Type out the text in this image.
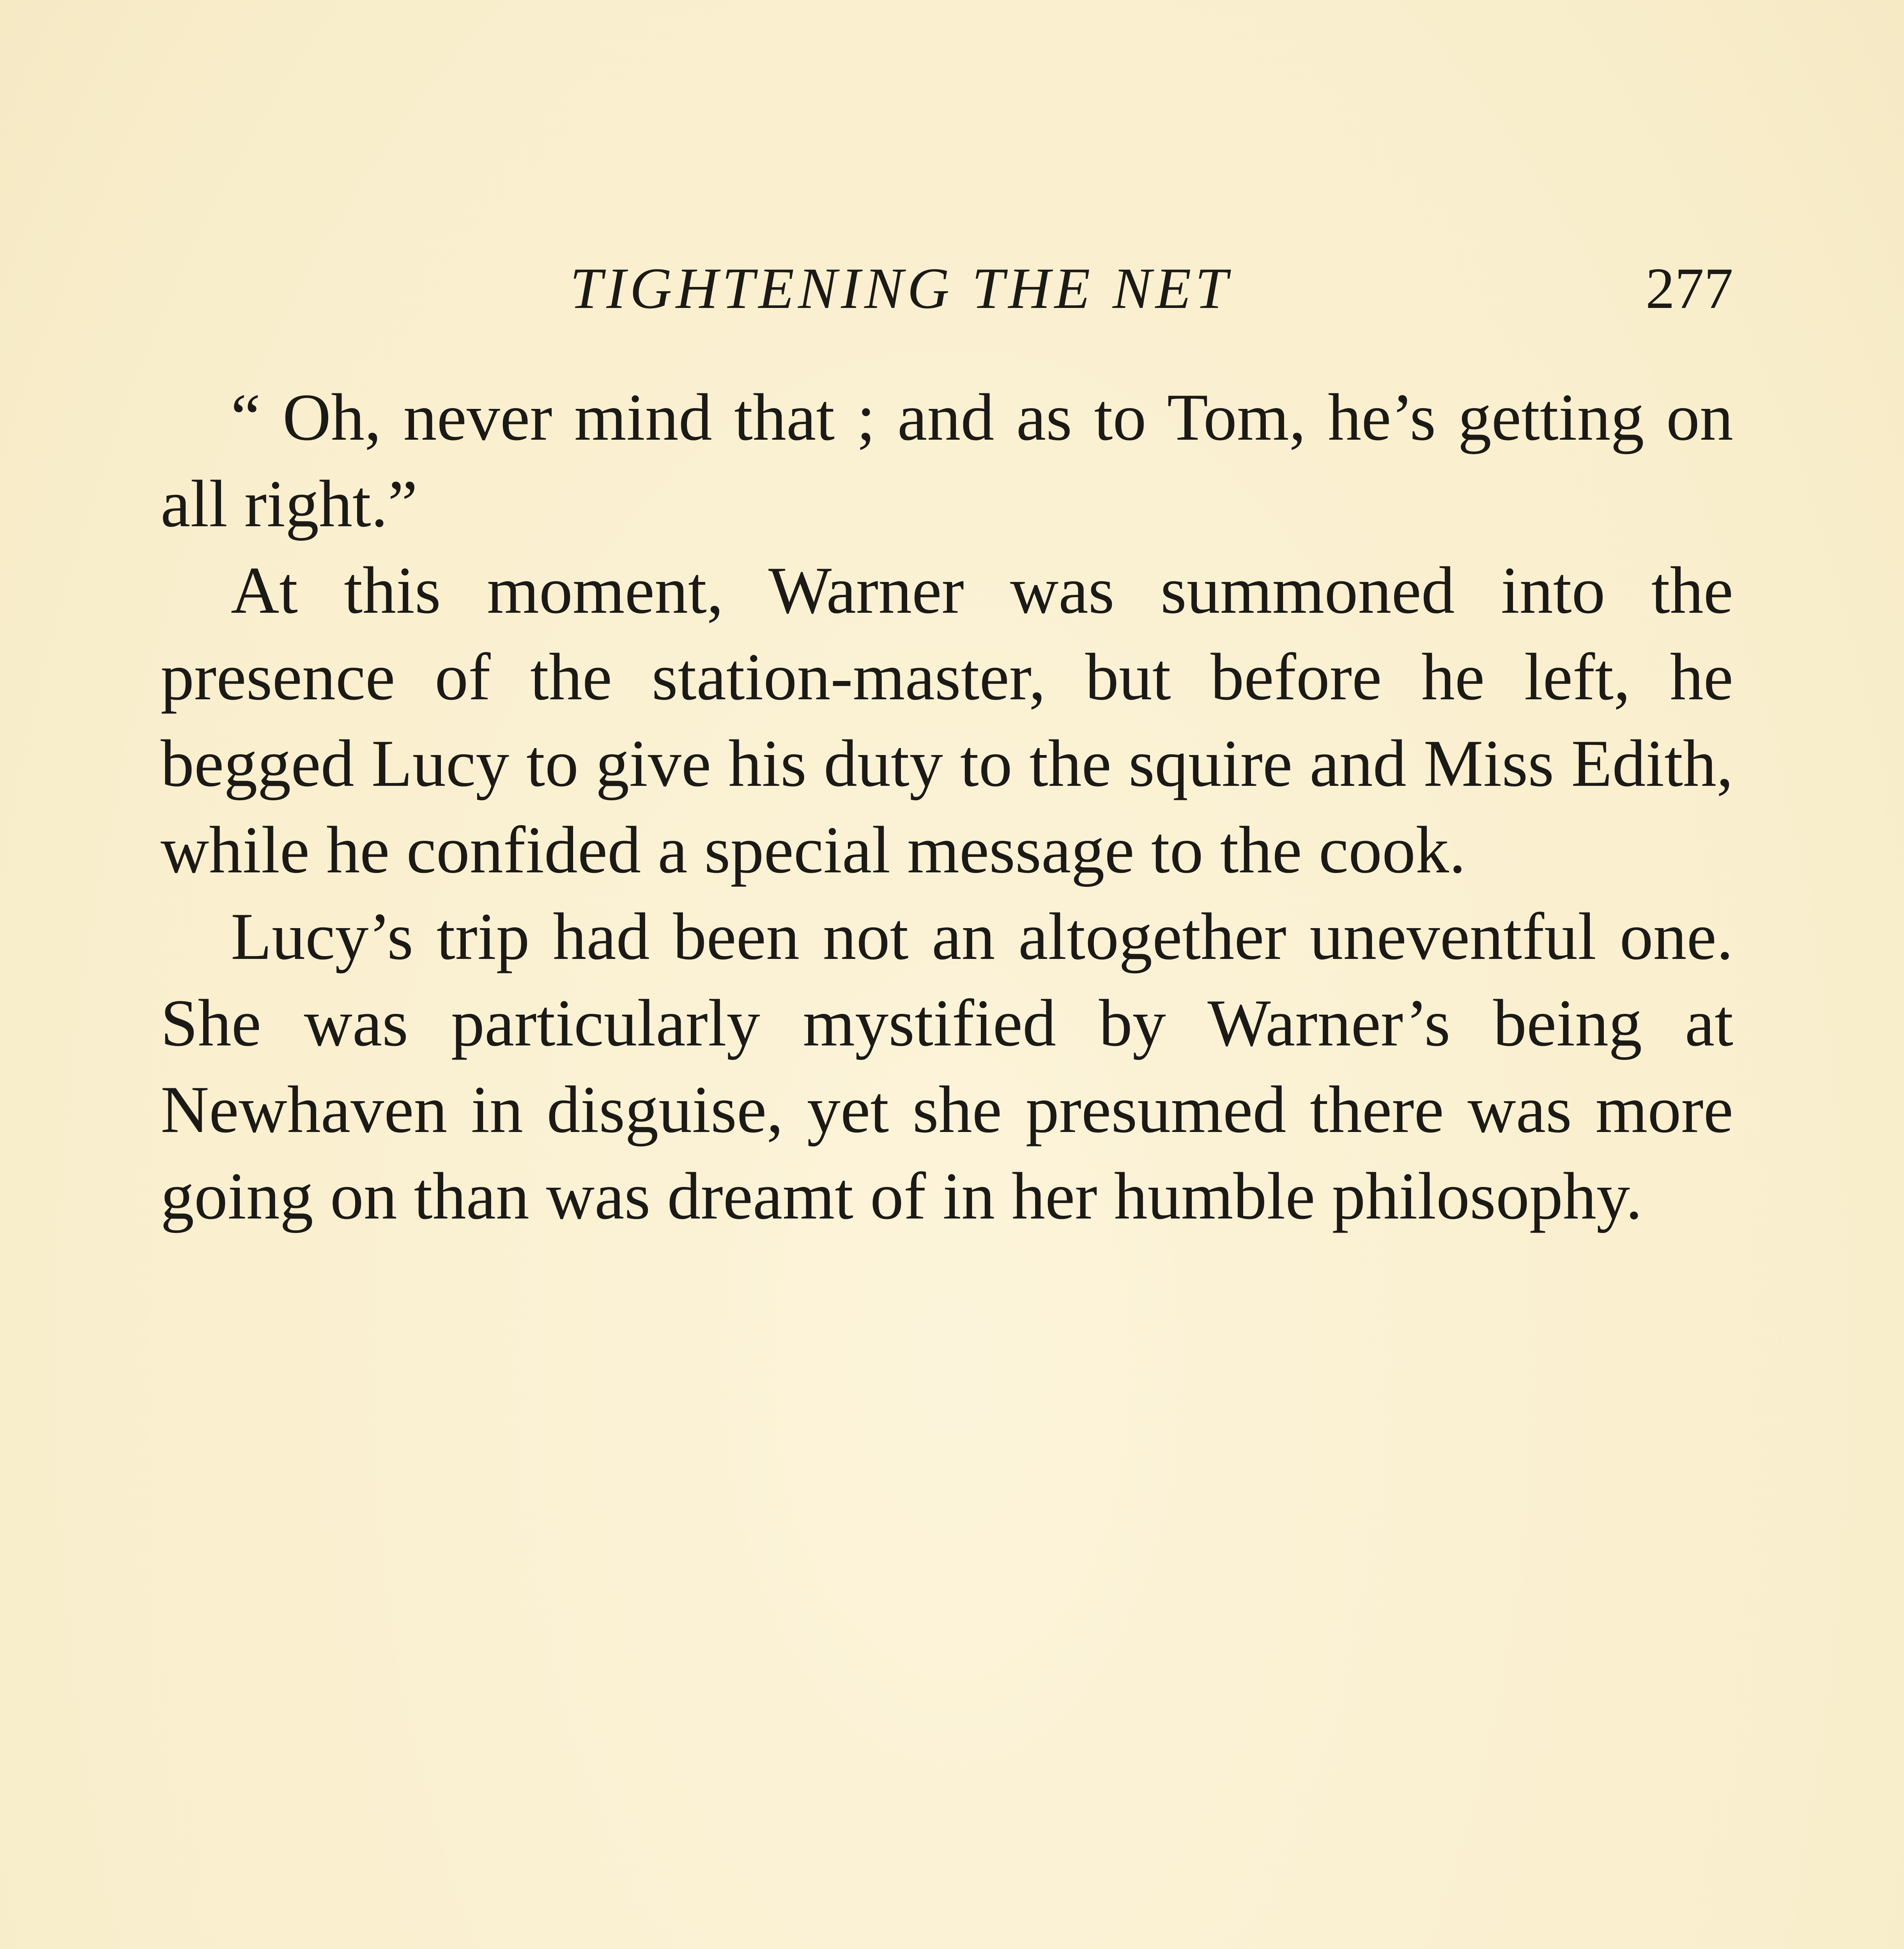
TIGHTENING THE NET	277

“ Oh, never mind that ; and as to Tom, he’s getting on all right.”

At this moment, Warner was summoned into the presence of the station-master, but before he left, he begged Lucy to give his duty to the squire and Miss Edith, while he confided a special message to the cook.

Lucy’s trip had been not an altogether uneventful one. She was particularly mystified by Warner’s being at Newhaven in disguise, yet she presumed there was more going on than was dreamt of in her humble philosophy.
